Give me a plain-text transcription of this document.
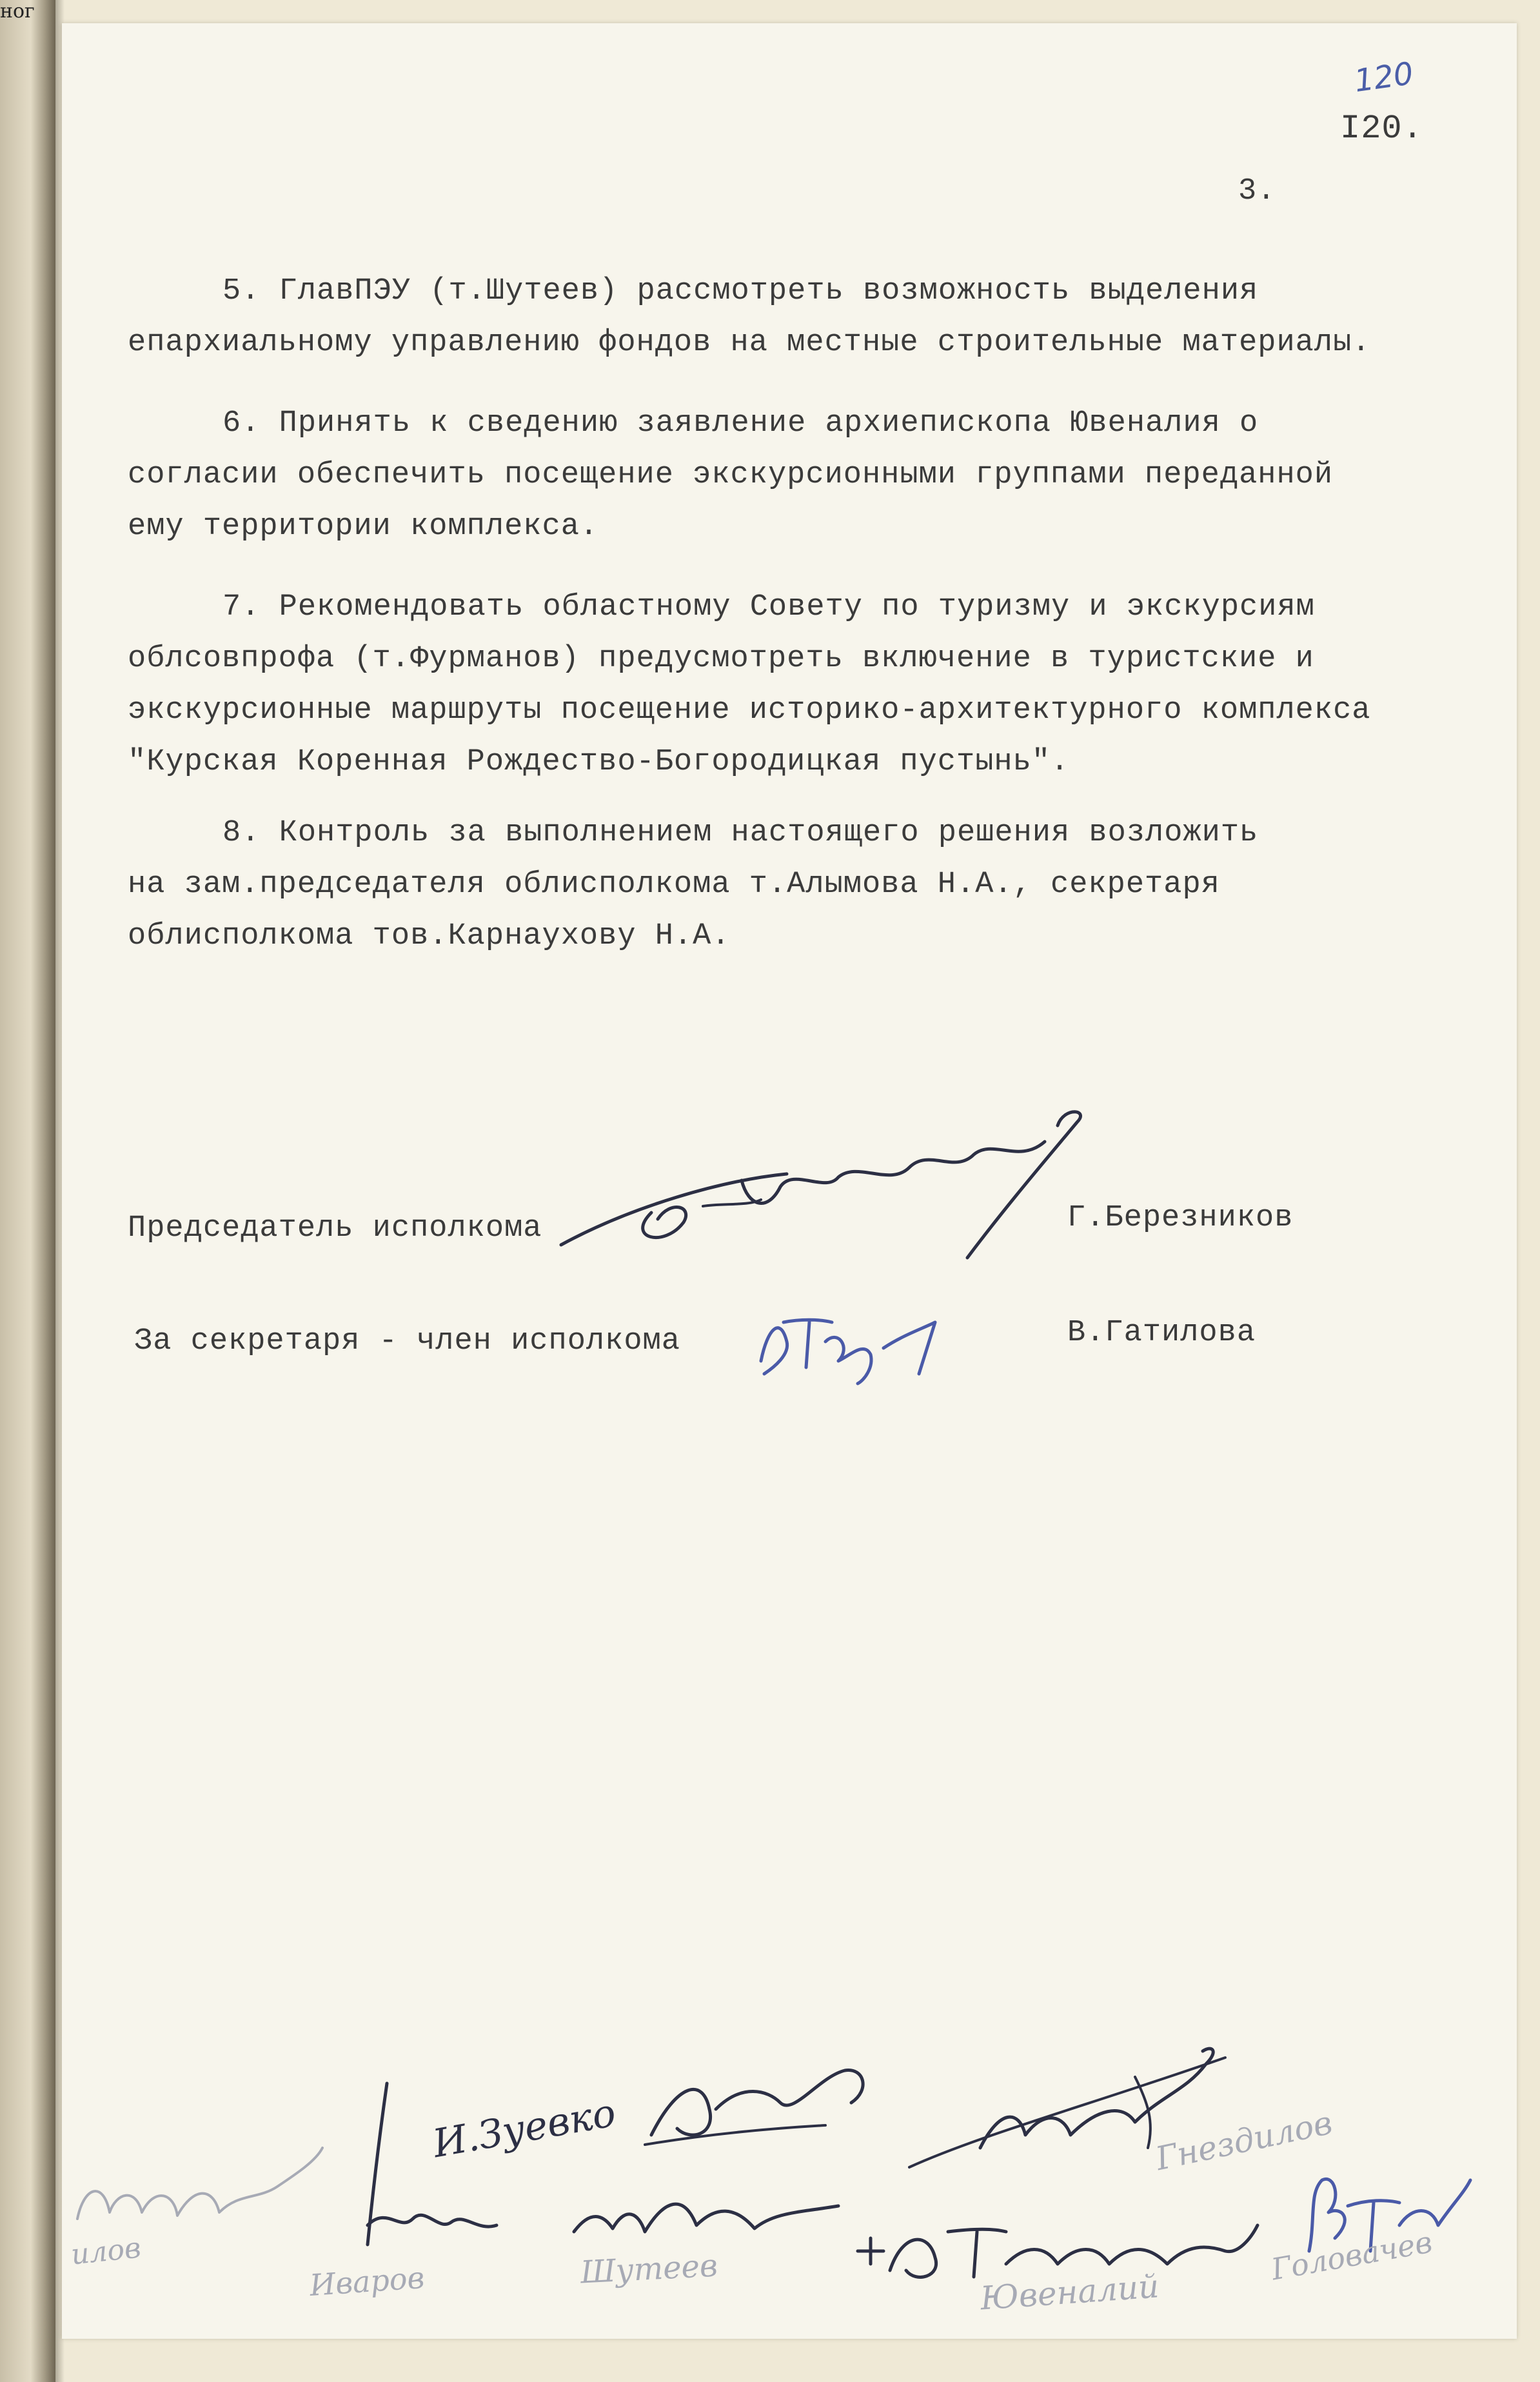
ног
I20.
120
3.
5. ГлавПЭУ (т.Шутеев) рассмотреть возможность выделения
епархиальному управлению фондов на местные строительные материалы.
6. Принять к сведению заявление архиепископа Ювеналия о
согласии обеспечить посещение экскурсионными группами переданной
ему территории комплекса.
7. Рекомендовать областному Совету по туризму и экскурсиям
облсовпрофа (т.Фурманов) предусмотреть включение в туристские и
экскурсионные маршруты посещение историко-архитектурного комплекса
"Курская Коренная Рождество-Богородицкая пустынь".
8. Контроль за выполнением настоящего решения возложить
на зам.председателя облисполкома т.Алымова Н.А., секретаря
облисполкома тов.Карнаухову Н.А.
Председатель исполкома	Г.Березников
За секретаря - член исполкома	В.Гатилова
илов
Иваров
И.Зуевко
Шутеев
Гнездилов
Ювеналий
Головачев
